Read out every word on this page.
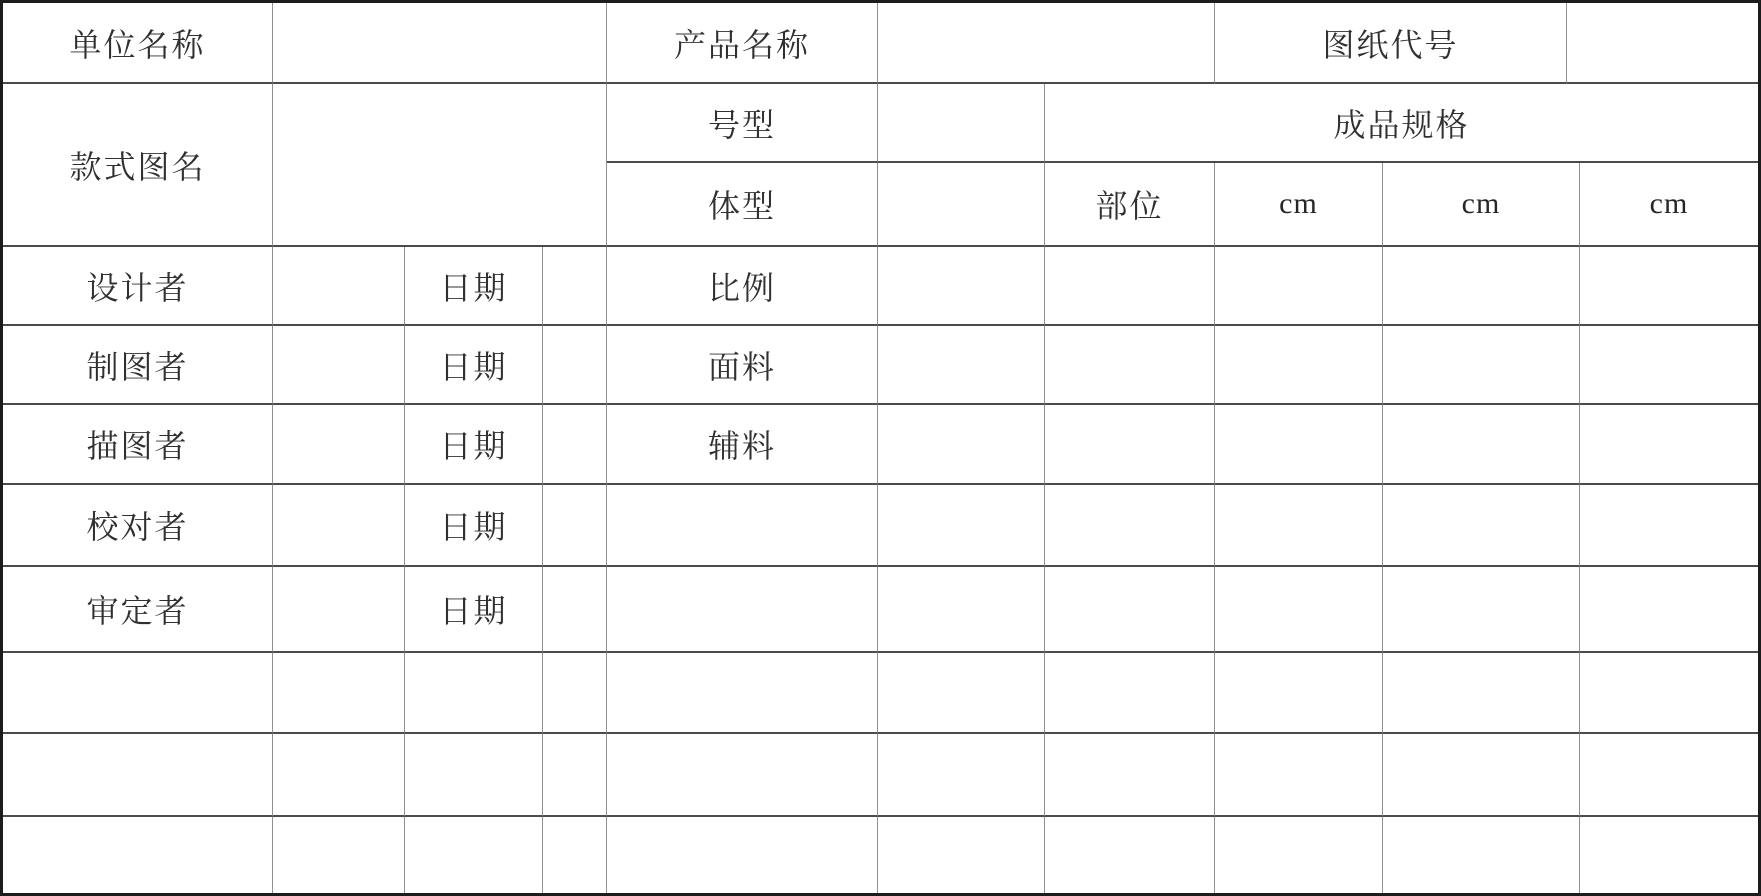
单位名称	产品名称	图纸代号
款式图名
号型	成品规格
体型	部位	cm	cm	cm
设计者	日期	比例
制图者	日期	面料
描图者	日期	辅料
校对者	日期
审定者	日期
